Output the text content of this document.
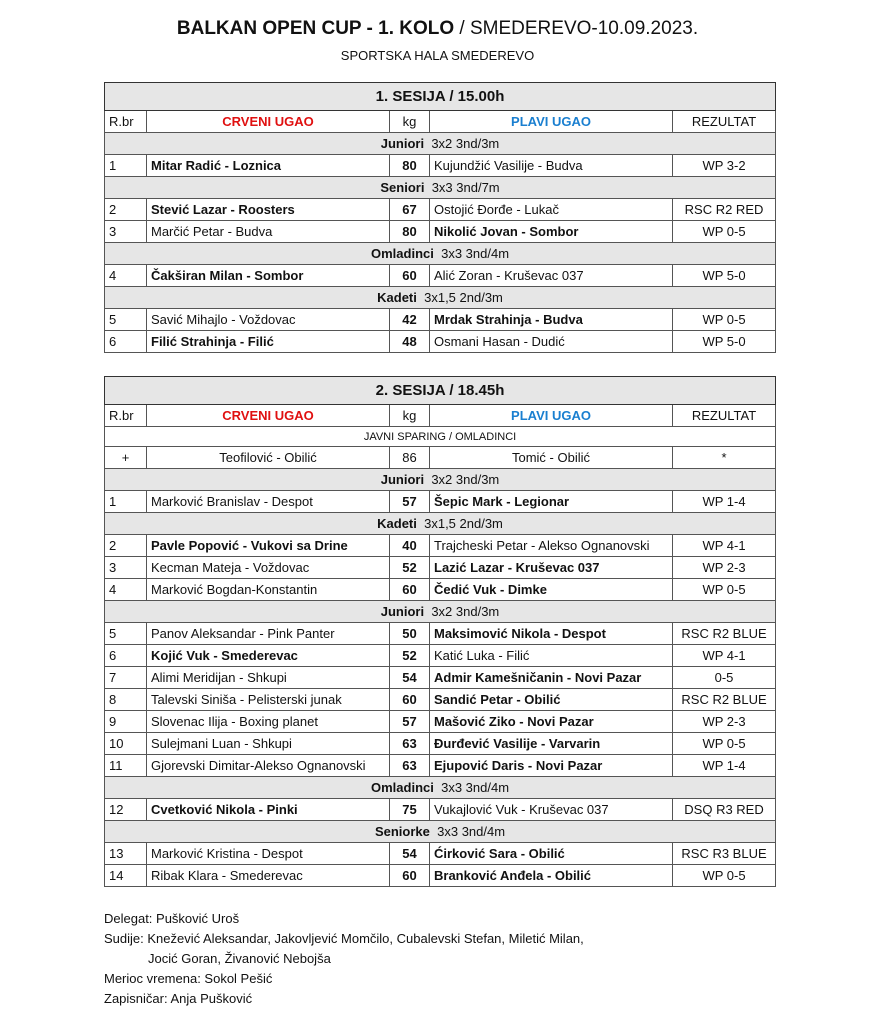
BALKAN OPEN CUP - 1. KOLO / SMEDEREVO-10.09.2023.
SPORTSKA HALA SMEDEREVO
1. SESIJA / 15.00h				
R.br	CRVENI UGAO	kg	PLAVI UGAO	REZULTAT
Juniori 3x2 3nd/3m				
1	Mitar Radić - Loznica	80	Kujundžić Vasilije - Budva	WP 3-2
Seniori 3x3 3nd/7m				
2	Stević Lazar - Roosters	67	Ostojić Đorđe - Lukač	RSC R2 RED
3	Marčić Petar - Budva	80	Nikolić Jovan - Sombor	WP 0-5
Omladinci 3x3 3nd/4m				
4	Čakširan Milan - Sombor	60	Alić Zoran - Kruševac 037	WP 5-0
Kadeti 3x1,5 2nd/3m				
5	Savić Mihajlo - Voždovac	42	Mrdak Strahinja - Budva	WP 0-5
6	Filić Strahinja - Filić	48	Osmani Hasan - Dudić	WP 5-0
2. SESIJA / 18.45h				
R.br	CRVENI UGAO	kg	PLAVI UGAO	REZULTAT
JAVNI SPARING / OMLADINCI				
+	Teofilović - Obilić	86	Tomić - Obilić	*
Juniori 3x2 3nd/3m				
1	Marković Branislav - Despot	57	Šepic Mark - Legionar	WP 1-4
Kadeti 3x1,5 2nd/3m				
2	Pavle Popović - Vukovi sa Drine	40	Trajcheski Petar - Alekso Ognanovski	WP 4-1
3	Kecman Mateja - Voždovac	52	Lazić Lazar - Kruševac 037	WP 2-3
4	Marković Bogdan-Konstantin	60	Čedić Vuk - Dimke	WP 0-5
Juniori 3x2 3nd/3m				
5	Panov Aleksandar - Pink Panter	50	Maksimović Nikola - Despot	RSC R2 BLUE
6	Kojić Vuk - Smederevac	52	Katić Luka - Filić	WP 4-1
7	Alimi Meridijan - Shkupi	54	Admir Kamešničanin - Novi Pazar	0-5
8	Talevski Siniša - Pelisterski junak	60	Sandić Petar - Obilić	RSC R2 BLUE
9	Slovenac Ilija - Boxing planet	57	Mašović Ziko - Novi Pazar	WP 2-3
10	Sulejmani Luan - Shkupi	63	Đurđević Vasilije - Varvarin	WP 0-5
11	Gjorevski Dimitar-Alekso Ognanovski	63	Ejupović Daris - Novi Pazar	WP 1-4
Omladinci 3x3 3nd/4m				
12	Cvetković Nikola - Pinki	75	Vukajlović Vuk - Kruševac 037	DSQ R3 RED
Seniorke 3x3 3nd/4m				
13	Marković Kristina - Despot	54	Ćirković Sara - Obilić	RSC R3 BLUE
14	Ribak Klara - Smederevac	60	Branković Anđela - Obilić	WP 0-5
Delegat: Pušković Uroš
Sudije: Knežević Aleksandar, Jakovljević Momčilo, Cubalevski Stefan, Miletić Milan,
Jocić Goran, Živanović Nebojša
Merioc vremena: Sokol Pešić
Zapisničar: Anja Pušković
